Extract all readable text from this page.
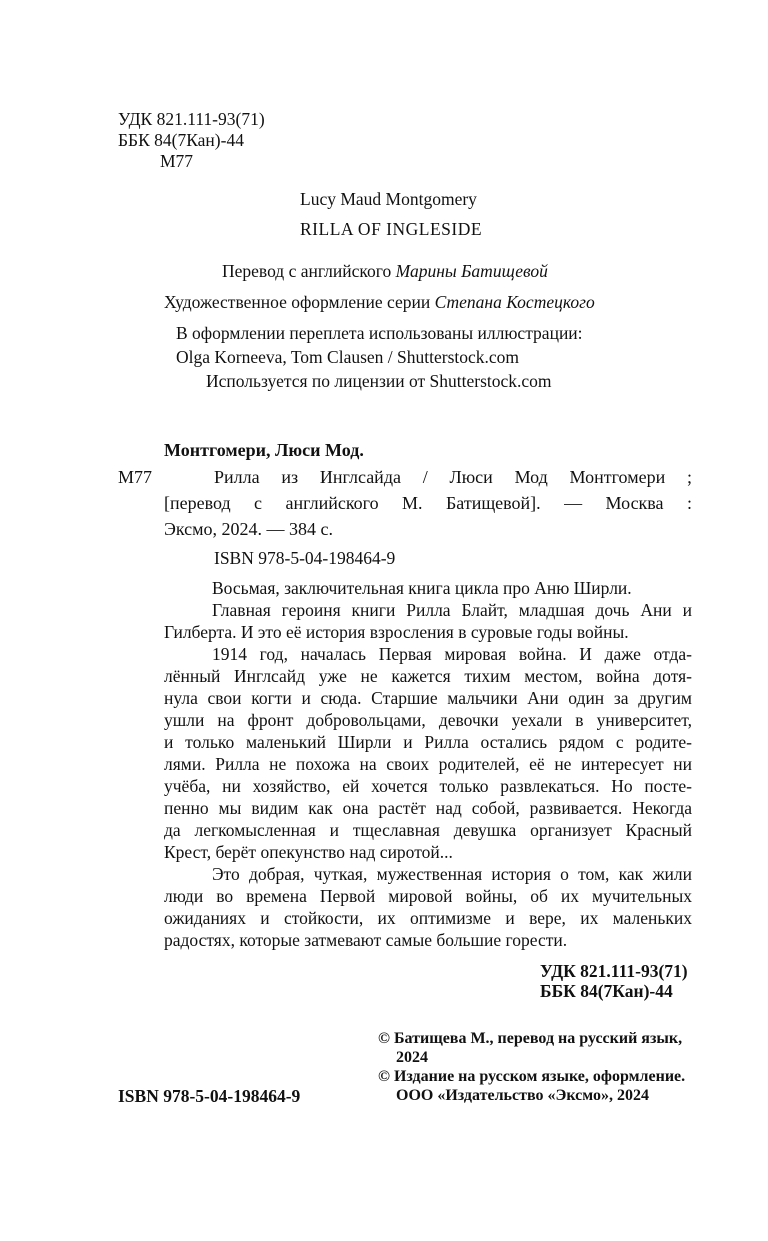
УДК 821.111-93(71)
ББК 84(7Кан)-44
М77
Lucy Maud Montgomery
RILLA OF INGLESIDE
Перевод с английского Марины Батищевой
Художественное оформление серии Степана Костецкого
В оформлении переплета использованы иллюстрации:
Olga Korneeva, Tom Clausen / Shutterstock.com
Используется по лицензии от Shutterstock.com
Монтгомери, Люси Мод.
М77	Рилла из Инглсайда / Люси Мод Монтгомери ;
[перевод с английского М. Батищевой]. — Москва :
Эксмо, 2024. — 384 с.
ISBN 978-5-04-198464-9

Восьмая, заключительная книга цикла про Аню Ширли.

Главная героиня книги Рилла Блайт, младшая дочь Ани и

Гилберта. И это её история взросления в суровые годы войны.

1914 год, началась Первая мировая война. И даже отда-

лённый Инглсайд уже не кажется тихим местом, война дотя-

нула свои когти и сюда. Старшие мальчики Ани один за другим

ушли на фронт добровольцами, девочки уехали в университет,

и только маленький Ширли и Рилла остались рядом с родите-

лями. Рилла не похожа на своих родителей, её не интересует ни

учёба, ни хозяйство, ей хочется только развлекаться. Но посте-

пенно мы видим как она растёт над собой, развивается. Некогда

да легкомысленная и тщеславная девушка организует Красный

Крест, берёт опекунство над сиротой...

Это добрая, чуткая, мужественная история о том, как жили

люди во времена Первой мировой войны, об их мучительных

ожиданиях и стойкости, их оптимизме и вере, их маленьких

радостях, которые затмевают самые большие горести.

УДК 821.111-93(71)
ББК 84(7Кан)-44
© Батищева М., перевод на русский язык,
2024
© Издание на русском языке, оформление.
ООО «Издательство «Эксмо», 2024
ISBN 978-5-04-198464-9
